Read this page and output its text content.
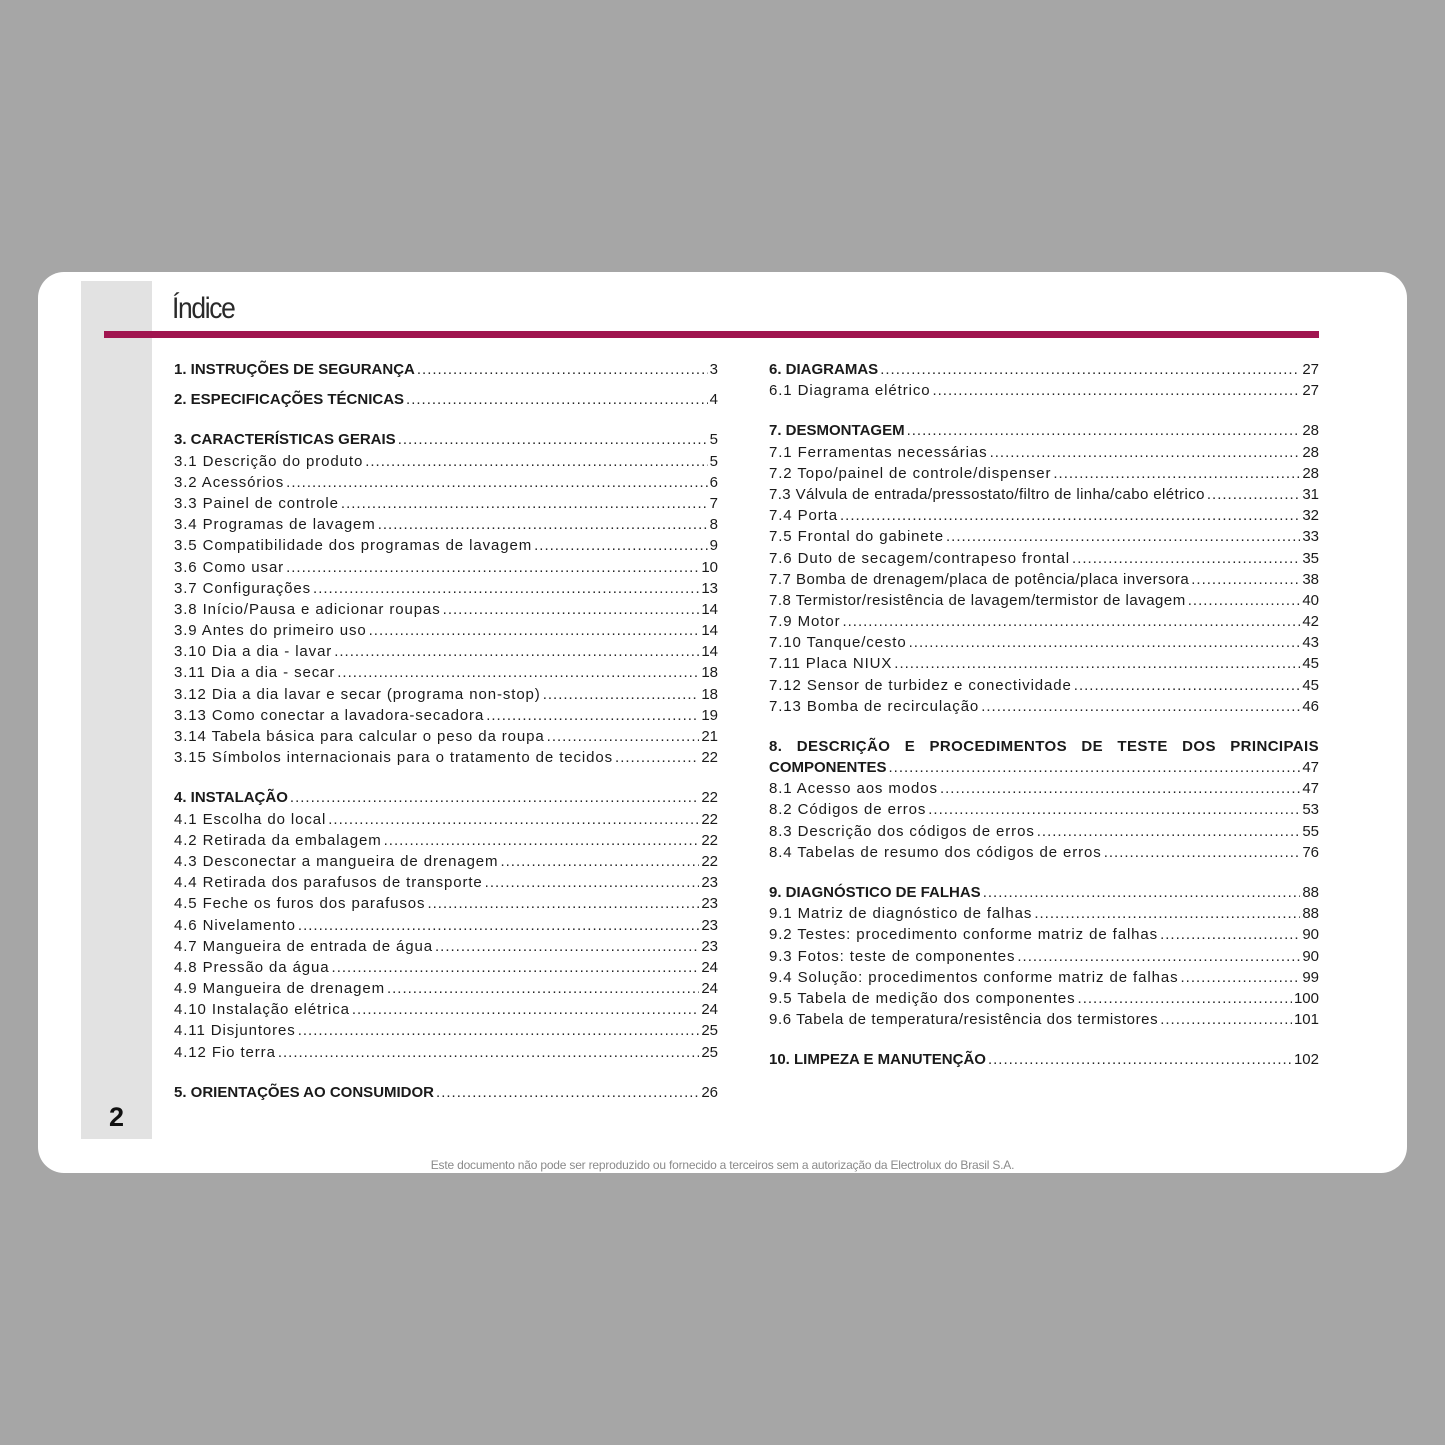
2
Índice
1. INSTRUÇÕES DE SEGURANÇA .....	3
2. ESPECIFICAÇÕES TÉCNICAS .....	4
3. CARACTERÍSTICAS GERAIS .....	5
3.1 Descrição do produto .....	5
3.2 Acessórios .....	6
3.3 Painel de controle .....	7
3.4 Programas de lavagem .....	8
3.5 Compatibilidade dos programas de lavagem .....	9
3.6 Como usar .....	10
3.7 Configurações .....	13
3.8 Início/Pausa e adicionar roupas .....	14
3.9 Antes do primeiro uso .....	14
3.10 Dia a dia - lavar .....	14
3.11 Dia a dia - secar .....	18
3.12 Dia a dia lavar e secar (programa non-stop) .....	18
3.13 Como conectar a lavadora-secadora .....	19
3.14 Tabela básica para calcular o peso da roupa .....	21
3.15 Símbolos internacionais para o tratamento de tecidos .....	22
4. INSTALAÇÃO .....	22
4.1 Escolha do local .....	22
4.2 Retirada da embalagem .....	22
4.3 Desconectar a mangueira de drenagem .....	22
4.4 Retirada dos parafusos de transporte .....	23
4.5 Feche os furos dos parafusos .....	23
4.6 Nivelamento .....	23
4.7 Mangueira de entrada de água .....	23
4.8 Pressão da água .....	24
4.9 Mangueira de drenagem .....	24
4.10 Instalação elétrica .....	24
4.11 Disjuntores .....	25
4.12 Fio terra .....	25
5. ORIENTAÇÕES AO CONSUMIDOR .....	26
6. DIAGRAMAS .....	27
6.1 Diagrama elétrico .....	27
7. DESMONTAGEM .....	28
7.1 Ferramentas necessárias .....	28
7.2 Topo/painel de controle/dispenser .....	28
7.3 Válvula de entrada/pressostato/filtro de linha/cabo elétrico .....	31
7.4 Porta .....	32
7.5 Frontal do gabinete .....	33
7.6 Duto de secagem/contrapeso frontal .....	35
7.7 Bomba de drenagem/placa de potência/placa inversora .....	38
7.8 Termistor/resistência de lavagem/termistor de lavagem .....	40
7.9 Motor .....	42
7.10 Tanque/cesto .....	43
7.11 Placa NIUX .....	45
7.12 Sensor de turbidez e conectividade .....	45
7.13 Bomba de recirculação .....	46
8. DESCRIÇÃO E PROCEDIMENTOS DE TESTE DOS PRINCIPAIS
COMPONENTES .....	47
8.1 Acesso aos modos .....	47
8.2 Códigos de erros .....	53
8.3 Descrição dos códigos de erros .....	55
8.4 Tabelas de resumo dos códigos de erros .....	76
9. DIAGNÓSTICO DE FALHAS .....	88
9.1 Matriz de diagnóstico de falhas .....	88
9.2 Testes: procedimento conforme matriz de falhas .....	90
9.3 Fotos: teste de componentes .....	90
9.4 Solução: procedimentos conforme matriz de falhas .....	99
9.5 Tabela de medição dos componentes .....	100
9.6 Tabela de temperatura/resistência dos termistores .....	101
10. LIMPEZA E MANUTENÇÃO .....	102
Este documento não pode ser reproduzido ou fornecido a terceiros sem a autorização da Electrolux do Brasil S.A.
